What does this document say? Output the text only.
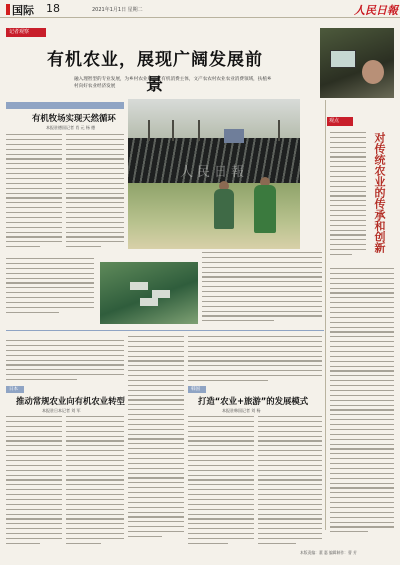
国际 18	2021年1月1日 星期二	人民日報
记者观察
有机农业，展现广阔发展前景
融入理智型的专业发展，为乡村农业规模化有机消费主体，文产农农村农业农业消费领域，扶植乡村向好农业经济发展
有机牧场实现天然循环
本报驻德国记者 肖 元 杨 德
人民日報
日本
推动常规农业向有机农业转型
本报驻日本记者 刘 军
韩国
打造“农业+旅游”的发展模式
本报驻韩国记者 刘 杨
观点
对传统农业的传承和创新
本版责编：董 惠 编辑制作：曹 芳
